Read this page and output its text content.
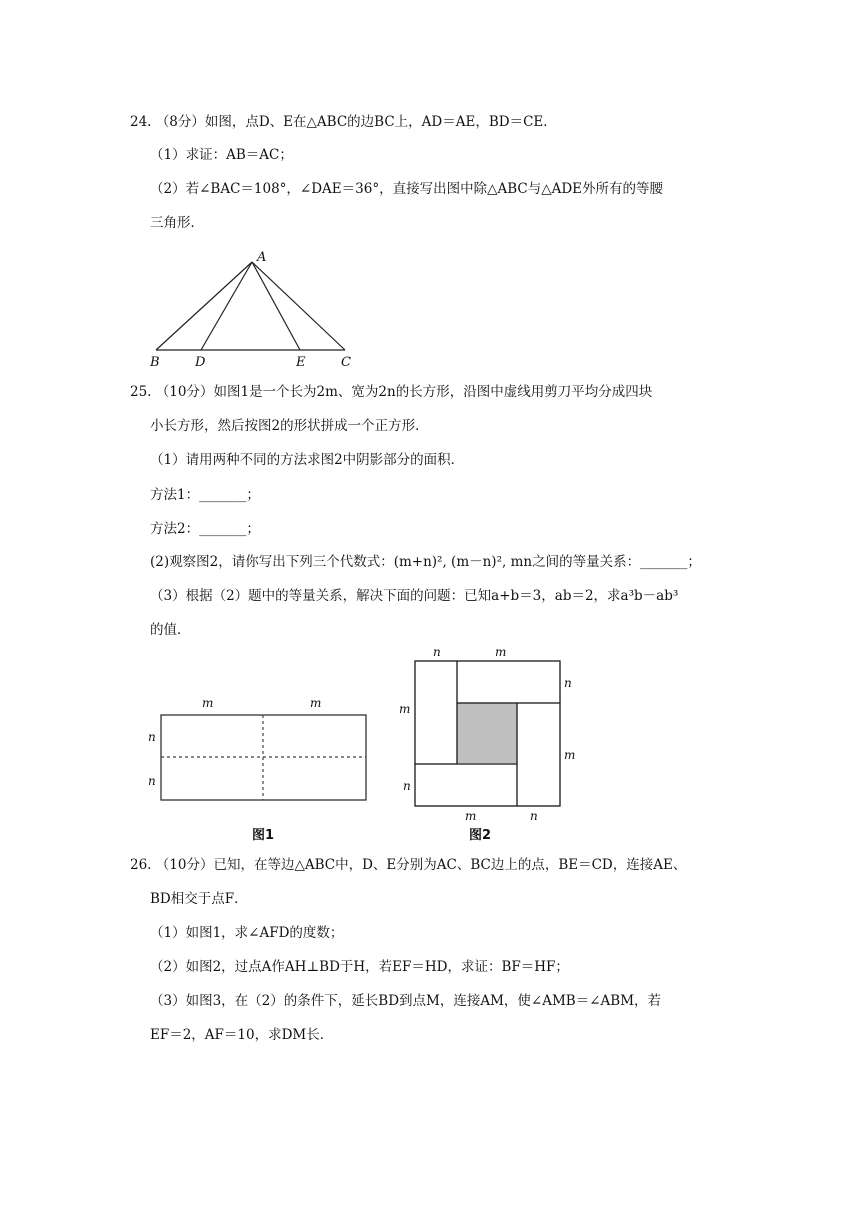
24. （8分）如图，点D、E在△ABC的边BC上，AD＝AE，BD＝CE．
（1）求证：AB＝AC；
（2）若∠BAC＝108°，∠DAE＝36°，直接写出图中除△ABC与△ADE外所有的等腰
三角形．
A
B	D	E	C
25. （10分）如图1是一个长为2m、宽为2n的长方形，沿图中虚线用剪刀平均分成四块
小长方形，然后按图2的形状拼成一个正方形．
（1）请用两种不同的方法求图2中阴影部分的面积．
方法1：_______；
方法2：_______；
(2)观察图2，请你写出下列三个代数式：(m+n)², (m－n)², mn之间的等量关系：_______；
（3）根据（2）题中的等量关系，解决下面的问题：已知a+b＝3，ab＝2，求a³b－ab³
的值．
m	m
n
n
图1
n	m
n
m
m
n
m	n
图2
26. （10分）已知，在等边△ABC中，D、E分别为AC、BC边上的点，BE＝CD，连接AE、
BD相交于点F．
（1）如图1，求∠AFD的度数；
（2）如图2，过点A作AH⊥BD于H，若EF＝HD，求证：BF＝HF；
（3）如图3，在（2）的条件下，延长BD到点M，连接AM，使∠AMB＝∠ABM，若
EF＝2，AF＝10，求DM长．
